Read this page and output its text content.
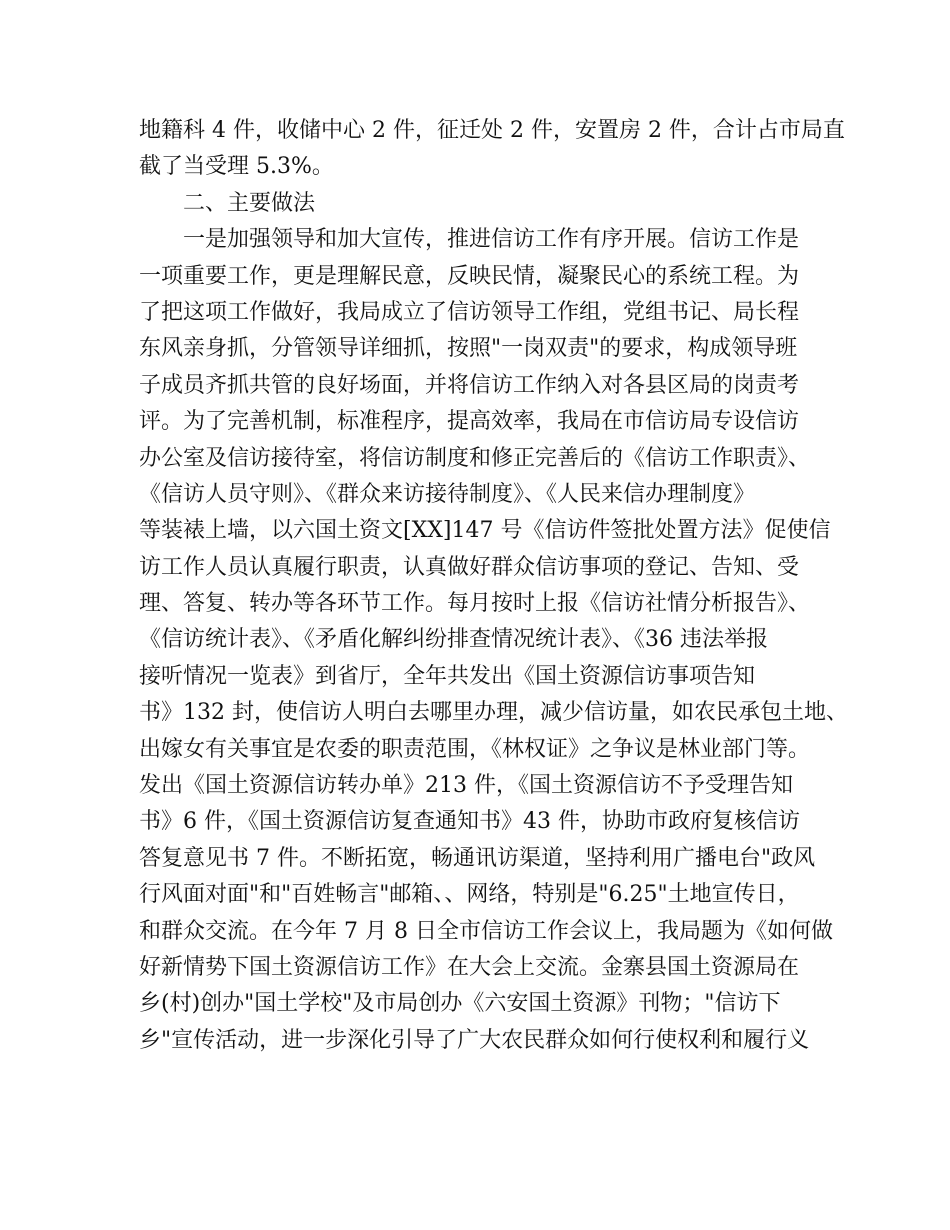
地籍科 4 件，收储中心 2 件，征迁处 2 件，安置房 2 件，合计占市局直
截了当受理 5.3%。
二、主要做法
一是加强领导和加大宣传，推进信访工作有序开展。信访工作是
一项重要工作，更是理解民意，反映民情，凝聚民心的系统工程。为
了把这项工作做好，我局成立了信访领导工作组，党组书记、局长程
东风亲身抓，分管领导详细抓，按照"一岗双责"的要求，构成领导班
子成员齐抓共管的良好场面，并将信访工作纳入对各县区局的岗责考
评。为了完善机制，标准程序，提高效率，我局在市信访局专设信访
办公室及信访接待室，将信访制度和修正完善后的《信访工作职责》、
《信访人员守则》、《群众来访接待制度》、《人民来信办理制度》
等装裱上墙，以六国土资文[XX]147 号《信访件签批处置方法》促使信
访工作人员认真履行职责，认真做好群众信访事项的登记、告知、受
理、答复、转办等各环节工作。每月按时上报《信访社情分析报告》、
《信访统计表》、《矛盾化解纠纷排查情况统计表》、《36 违法举报
接听情况一览表》到省厅，全年共发出《国土资源信访事项告知
书》132 封，使信访人明白去哪里办理，减少信访量，如农民承包土地、
出嫁女有关事宜是农委的职责范围，《林权证》之争议是林业部门等。
发出《国土资源信访转办单》213 件，《国土资源信访不予受理告知
书》6 件，《国土资源信访复查通知书》43 件，协助市政府复核信访
答复意见书 7 件。不断拓宽，畅通讯访渠道，坚持利用广播电台"政风
行风面对面"和"百姓畅言"邮箱、、网络，特别是"6.25"土地宣传日，
和群众交流。在今年 7 月 8 日全市信访工作会议上，我局题为《如何做
好新情势下国土资源信访工作》在大会上交流。金寨县国土资源局在
乡(村)创办"国土学校"及市局创办《六安国土资源》刊物；"信访下
乡"宣传活动，进一步深化引导了广大农民群众如何行使权利和履行义
